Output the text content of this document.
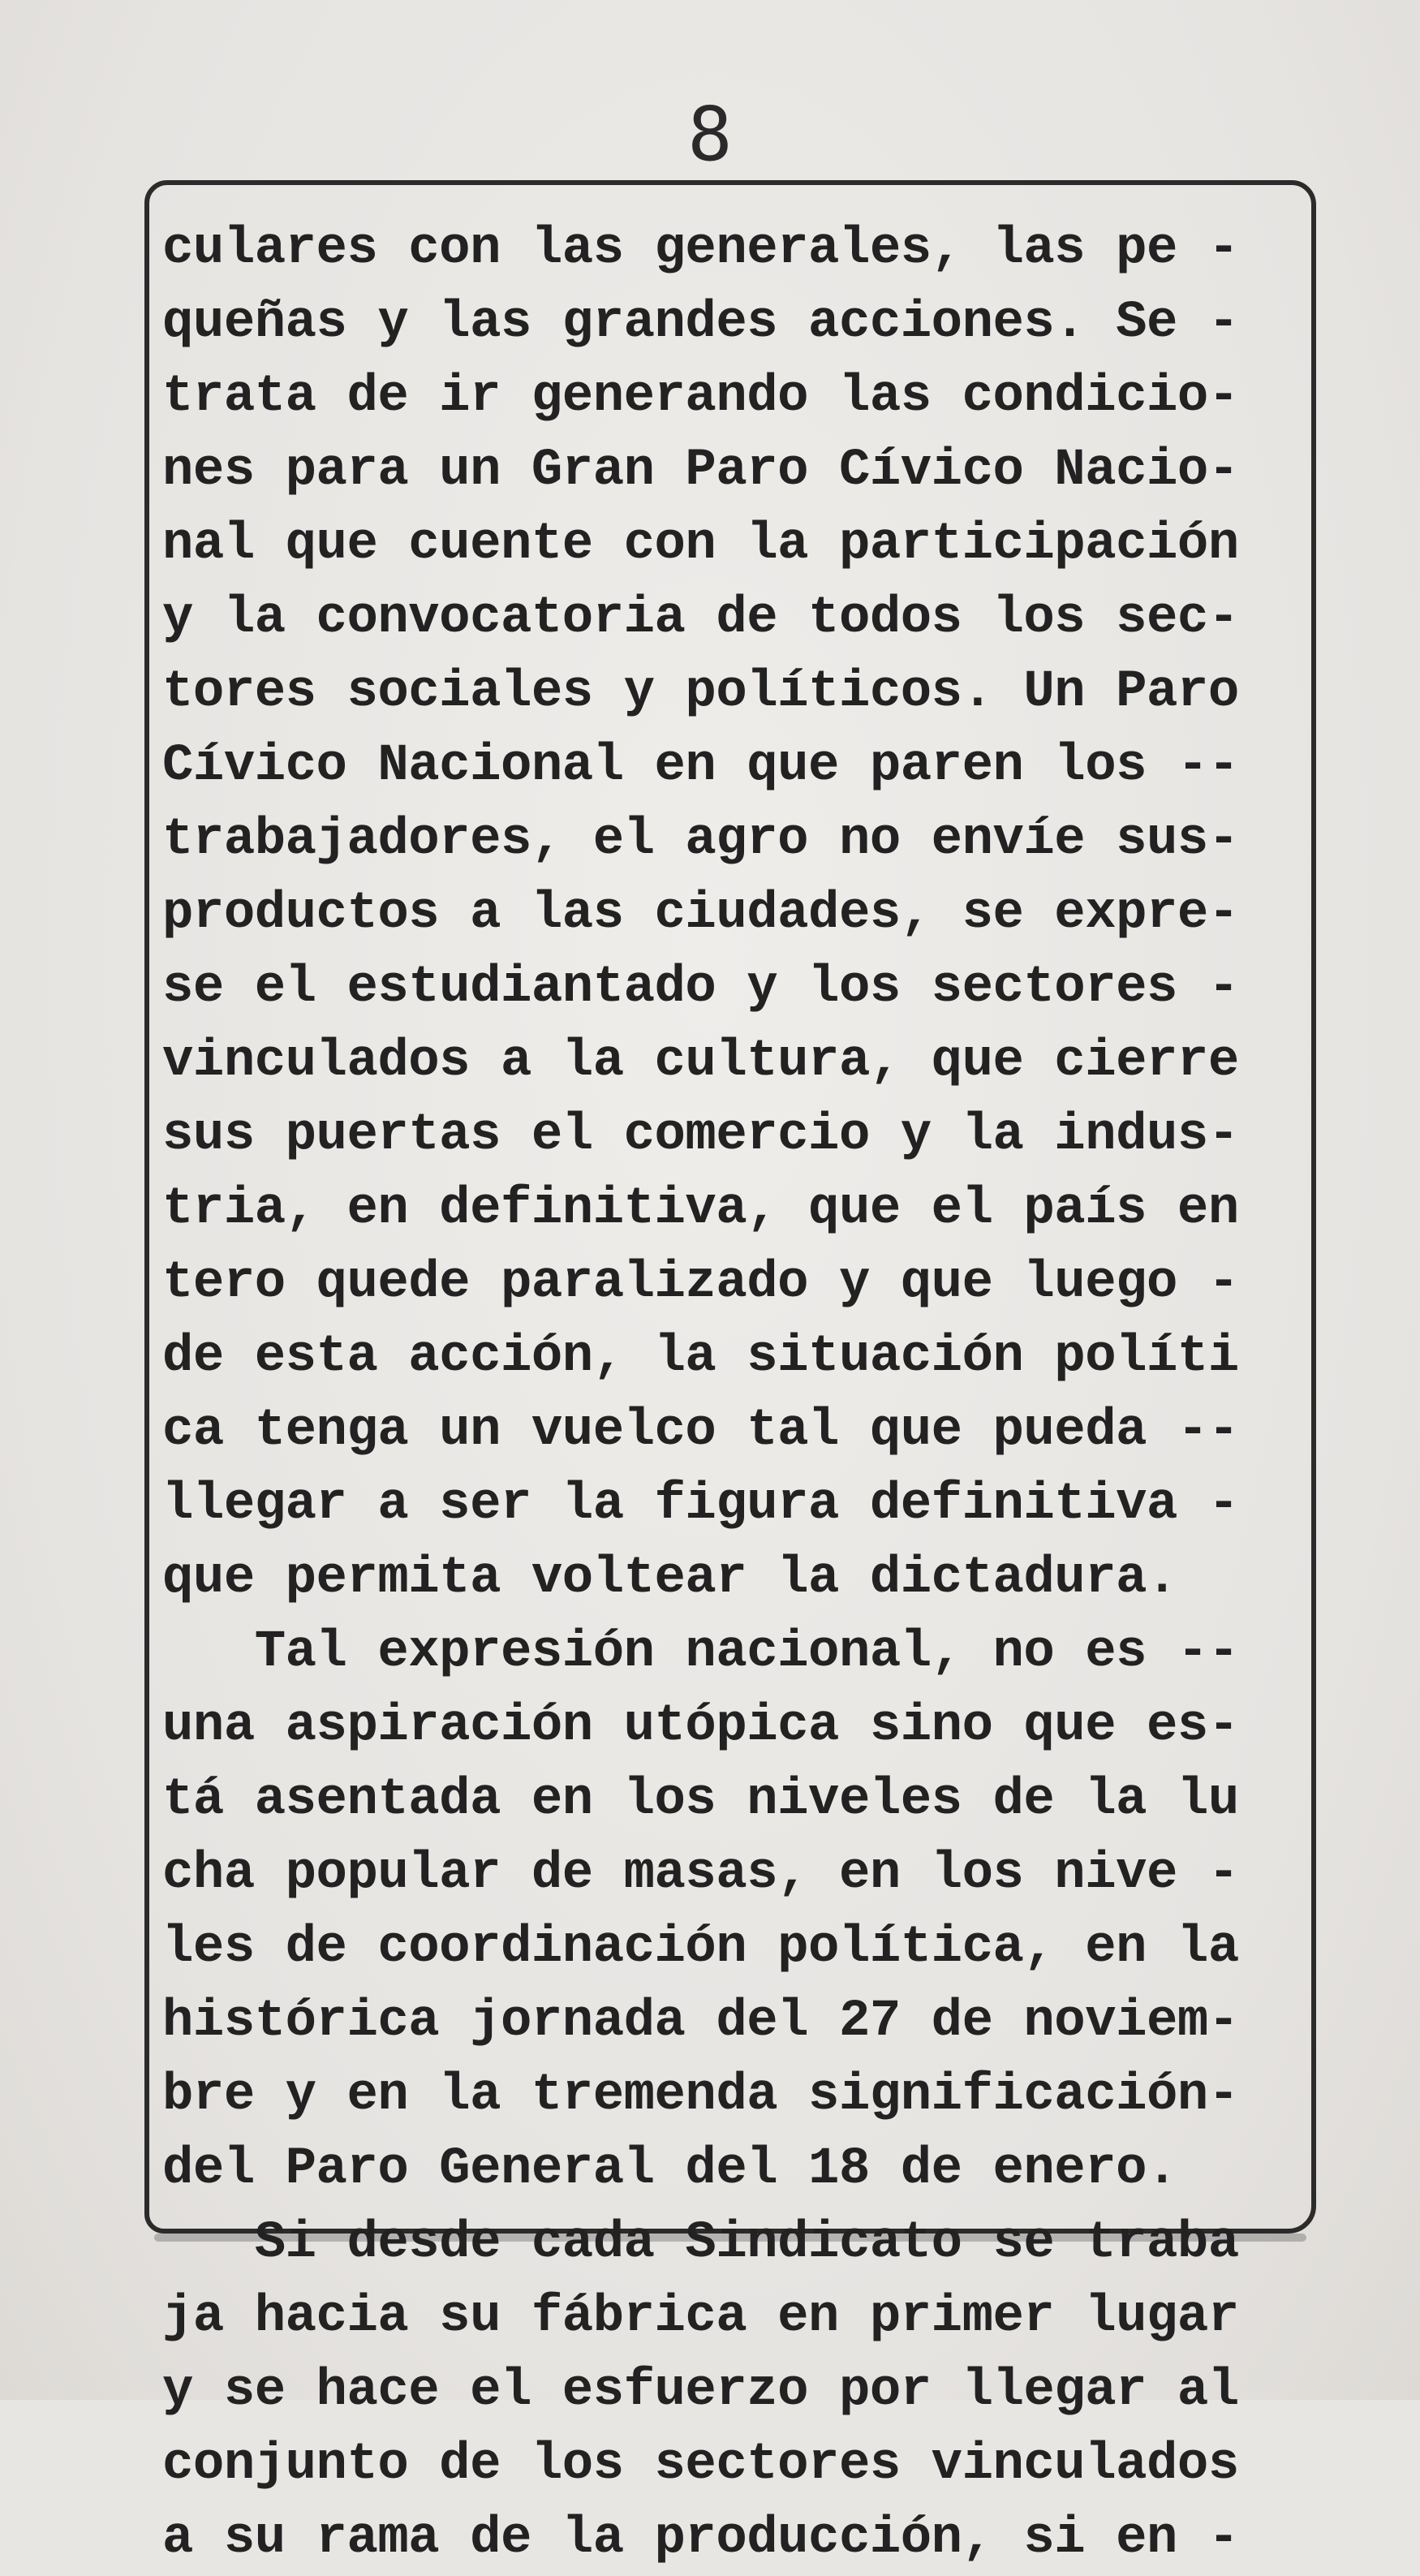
8
culares con las generales, las pe -
queñas y las grandes acciones. Se -
trata de ir generando las condicio-
nes para un Gran Paro Cívico Nacio-
nal que cuente con la participación
y la convocatoria de todos los sec-
tores sociales y políticos. Un Paro
Cívico Nacional en que paren los --
trabajadores, el agro no envíe sus-
productos a las ciudades, se expre-
se el estudiantado y los sectores -
vinculados a la cultura, que cierre
sus puertas el comercio y la indus-
tria, en definitiva, que el país en
tero quede paralizado y que luego -
de esta acción, la situación políti
ca tenga un vuelco tal que pueda --
llegar a ser la figura definitiva -
que permita voltear la dictadura.
Tal expresión nacional, no es --
una aspiración utópica sino que es-
tá asentada en los niveles de la lu
cha popular de masas, en los nive -
les de coordinación política, en la
histórica jornada del 27 de noviem-
bre y en la tremenda significación-
del Paro General del 18 de enero.
Si desde cada Sindicato se traba
ja hacia su fábrica en primer lugar
y se hace el esfuerzo por llegar al
conjunto de los sectores vinculados
a su rama de la producción, si en -
